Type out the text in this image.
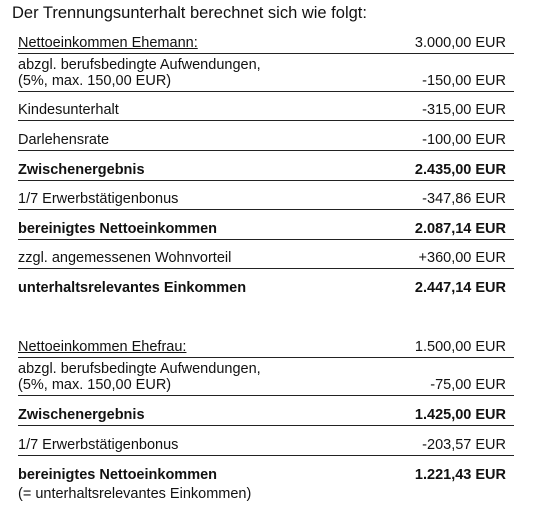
Der Trennungsunterhalt berechnet sich wie folgt:
Nettoeinkommen Ehemann:	3.000,00 EUR
abzgl. berufsbedingte Aufwendungen,
(5%, max. 150,00 EUR)	-150,00 EUR
Kindesunterhalt	-315,00 EUR
Darlehensrate	-100,00 EUR
Zwischenergebnis	2.435,00 EUR
1/7 Erwerbstätigenbonus	-347,86 EUR
bereinigtes Nettoeinkommen	2.087,14 EUR
zzgl. angemessenen Wohnvorteil	+360,00 EUR
unterhaltsrelevantes Einkommen	2.447,14 EUR
Nettoeinkommen Ehefrau:	1.500,00 EUR
abzgl. berufsbedingte Aufwendungen,
(5%, max. 150,00 EUR)	-75,00 EUR
Zwischenergebnis	1.425,00 EUR
1/7 Erwerbstätigenbonus	-203,57 EUR
bereinigtes Nettoeinkommen	1.221,43 EUR
(= unterhaltsrelevantes Einkommen)
